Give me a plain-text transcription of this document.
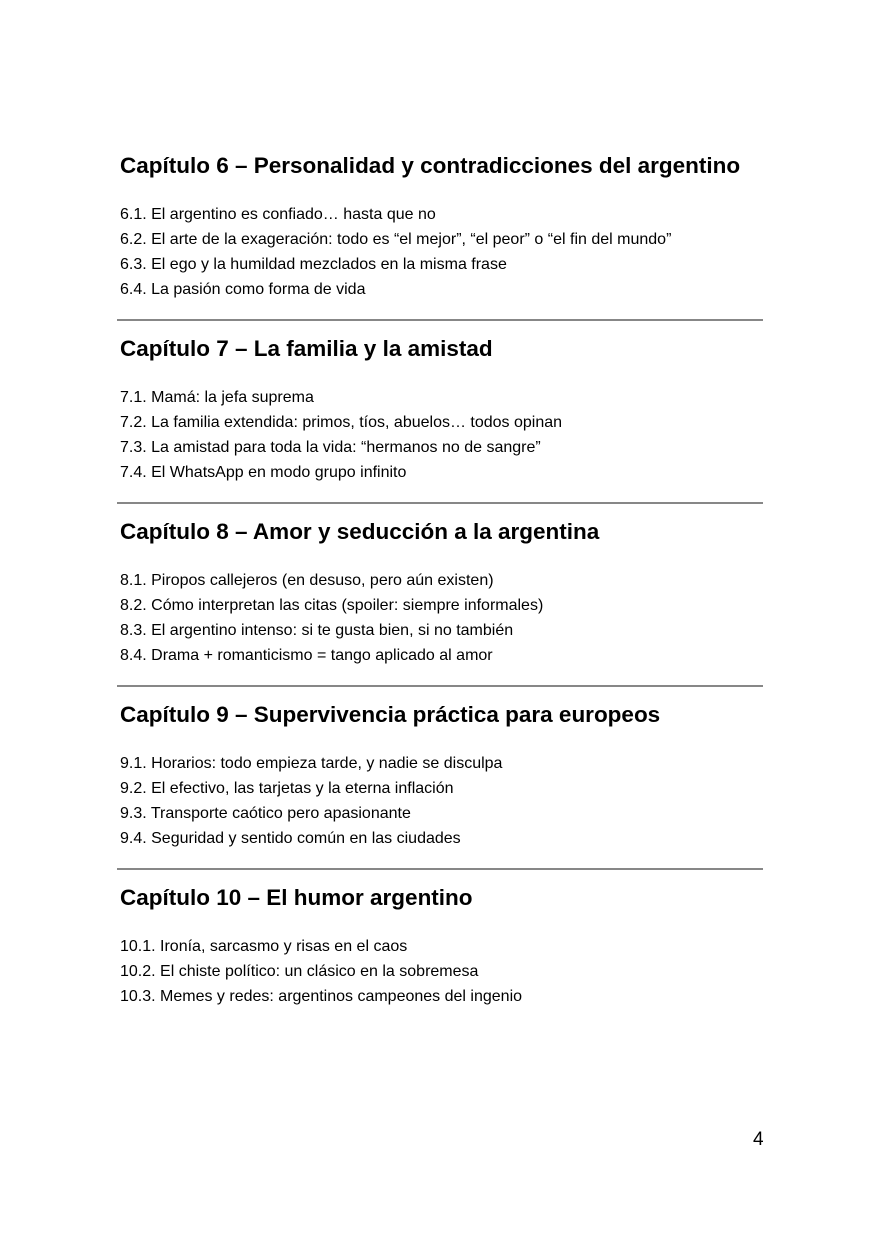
Capítulo 6 – Personalidad y contradicciones del argentino
6.1. El argentino es confiado… hasta que no
6.2. El arte de la exageración: todo es “el mejor”, “el peor” o “el fin del mundo”
6.3. El ego y la humildad mezclados en la misma frase
6.4. La pasión como forma de vida
Capítulo 7 – La familia y la amistad
7.1. Mamá: la jefa suprema
7.2. La familia extendida: primos, tíos, abuelos… todos opinan
7.3. La amistad para toda la vida: “hermanos no de sangre”
7.4. El WhatsApp en modo grupo infinito
Capítulo 8 – Amor y seducción a la argentina
8.1. Piropos callejeros (en desuso, pero aún existen)
8.2. Cómo interpretan las citas (spoiler: siempre informales)
8.3. El argentino intenso: si te gusta bien, si no también
8.4. Drama + romanticismo = tango aplicado al amor
Capítulo 9 – Supervivencia práctica para europeos
9.1. Horarios: todo empieza tarde, y nadie se disculpa
9.2. El efectivo, las tarjetas y la eterna inflación
9.3. Transporte caótico pero apasionante
9.4. Seguridad y sentido común en las ciudades
Capítulo 10 – El humor argentino
10.1. Ironía, sarcasmo y risas en el caos
10.2. El chiste político: un clásico en la sobremesa
10.3. Memes y redes: argentinos campeones del ingenio
4
